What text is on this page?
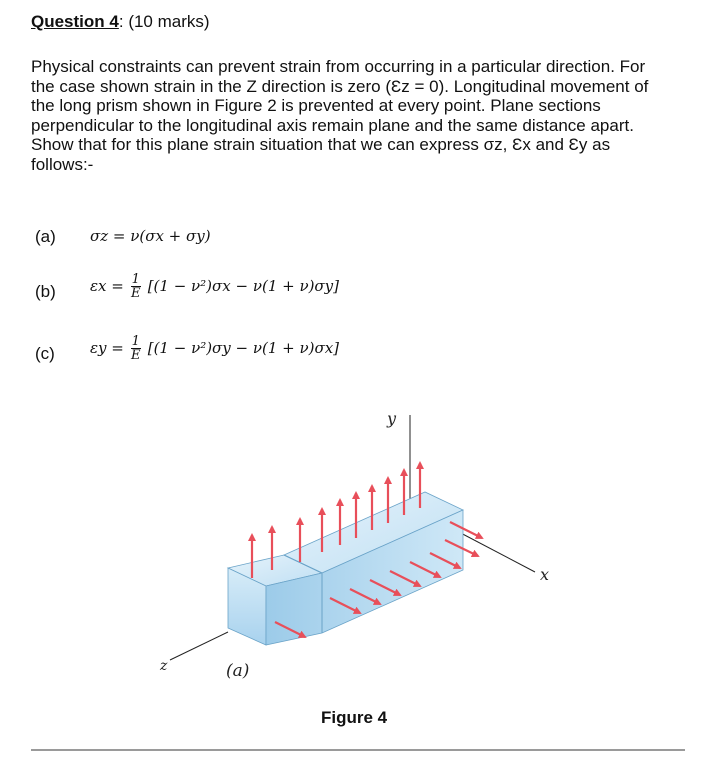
Question 4: (10 marks)
Physical constraints can prevent strain from occurring in a particular direction. For
the case shown strain in the Z direction is zero (Ɛz = 0). Longitudinal movement of
the long prism shown in Figure 2 is prevented at every point. Plane sections
perpendicular to the longitudinal axis remain plane and the same distance apart.
Show that for this plane strain situation that we can express σz, Ɛx and Ɛy as
follows:-
(a) σz = ν(σx + σy)
(b) $\varepsilon x = \frac{1}{E} [(1 - \nu^2)\sigma x - \nu(1 + \nu)\sigma y]$
(c) $\varepsilon y = \frac{1}{E} [(1 - \nu^2)\sigma y - \nu(1 + \nu)\sigma x]$
y
x
z	(a)
Figure 4
